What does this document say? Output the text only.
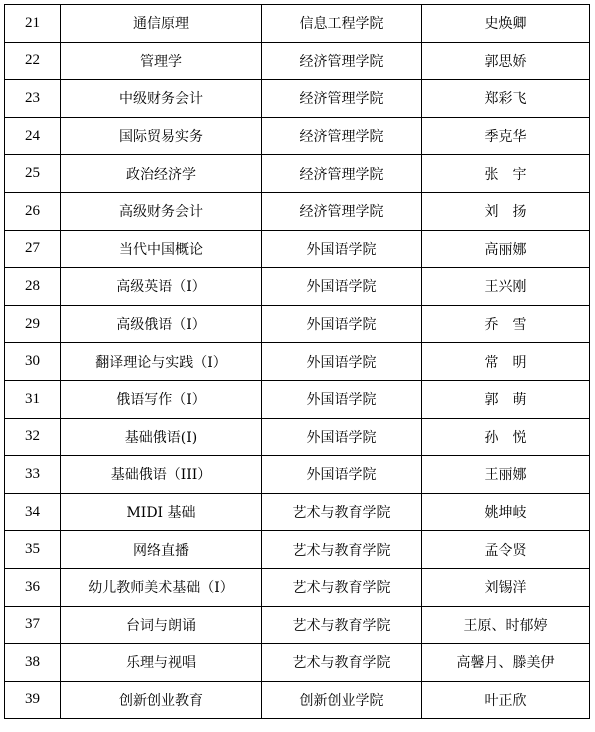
21	通信原理	信息工程学院	史焕卿
22	管理学	经济管理学院	郭思娇
23	中级财务会计	经济管理学院	郑彩飞
24	国际贸易实务	经济管理学院	季克华
25	政治经济学	经济管理学院	张　宇
26	高级财务会计	经济管理学院	刘　扬
27	当代中国概论	外国语学院	高丽娜
28	高级英语（I）	外国语学院	王兴刚
29	高级俄语（I）	外国语学院	乔　雪
30	翻译理论与实践（Ⅰ）	外国语学院	常　明
31	俄语写作（I）	外国语学院	郭　萌
32	基础俄语(I)	外国语学院	孙　悦
33	基础俄语（III）	外国语学院	王丽娜
34	MIDI 基础	艺术与教育学院	姚坤岐
35	网络直播	艺术与教育学院	孟令贤
36	幼儿教师美术基础（Ⅰ）	艺术与教育学院	刘锡洋
37	台词与朗诵	艺术与教育学院	王原、时郁婷
38	乐理与视唱	艺术与教育学院	高馨月、滕美伊
39	创新创业教育	创新创业学院	叶正欣
